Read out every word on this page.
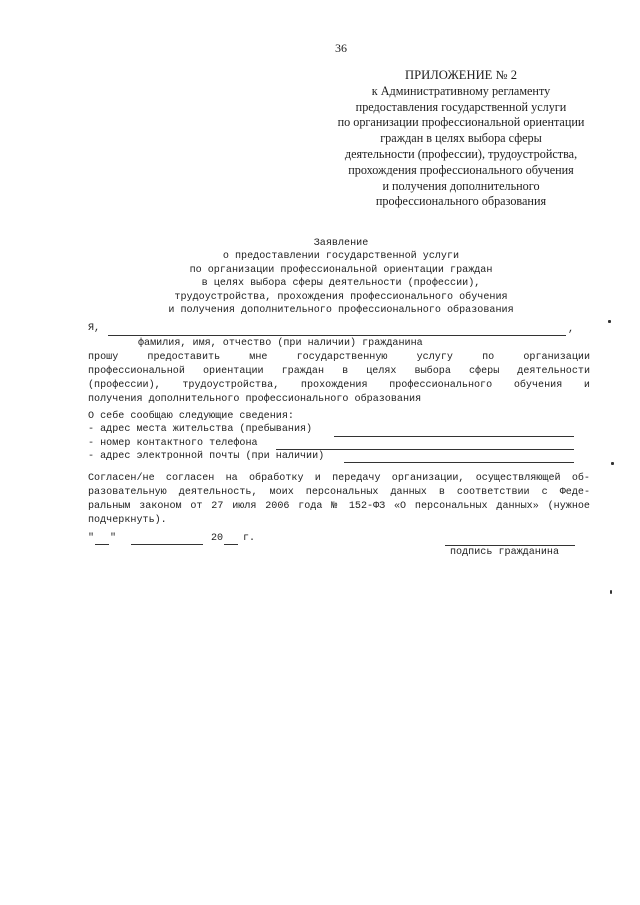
36
ПРИЛОЖЕНИЕ № 2
к Административному регламенту
предоставления государственной услуги
по организации профессиональной ориентации
граждан в целях выбора сферы
деятельности (профессии), трудоустройства,
прохождения профессионального обучения
и получения дополнительного
профессионального образования
Заявление
о предоставлении государственной услуги
по организации профессиональной ориентации граждан
в целях выбора сферы деятельности (профессии),
трудоустройства, прохождения профессионального обучения
и получения дополнительного профессионального образования
Я,	,
фамилия, имя, отчество (при наличии) гражданина
прошу предоставить мне государственную услугу по организации
профессиональной ориентации граждан в целях выбора сферы деятельности
(профессии), трудоустройства, прохождения профессионального обучения и
получения дополнительного профессионального образования
О себе сообщаю следующие сведения:
- адрес места жительства (пребывания)
- номер контактного телефона
- адрес электронной почты (при наличии)
Согласен/не согласен на обработку и передачу организации, осуществляющей об-
разовательную деятельность, моих персональных данных в соответствии с Феде-
ральным законом от 27 июля 2006 года № 152-ФЗ «О персональных данных» (нужное
подчеркнуть).
" "	20 г.
подпись гражданина
